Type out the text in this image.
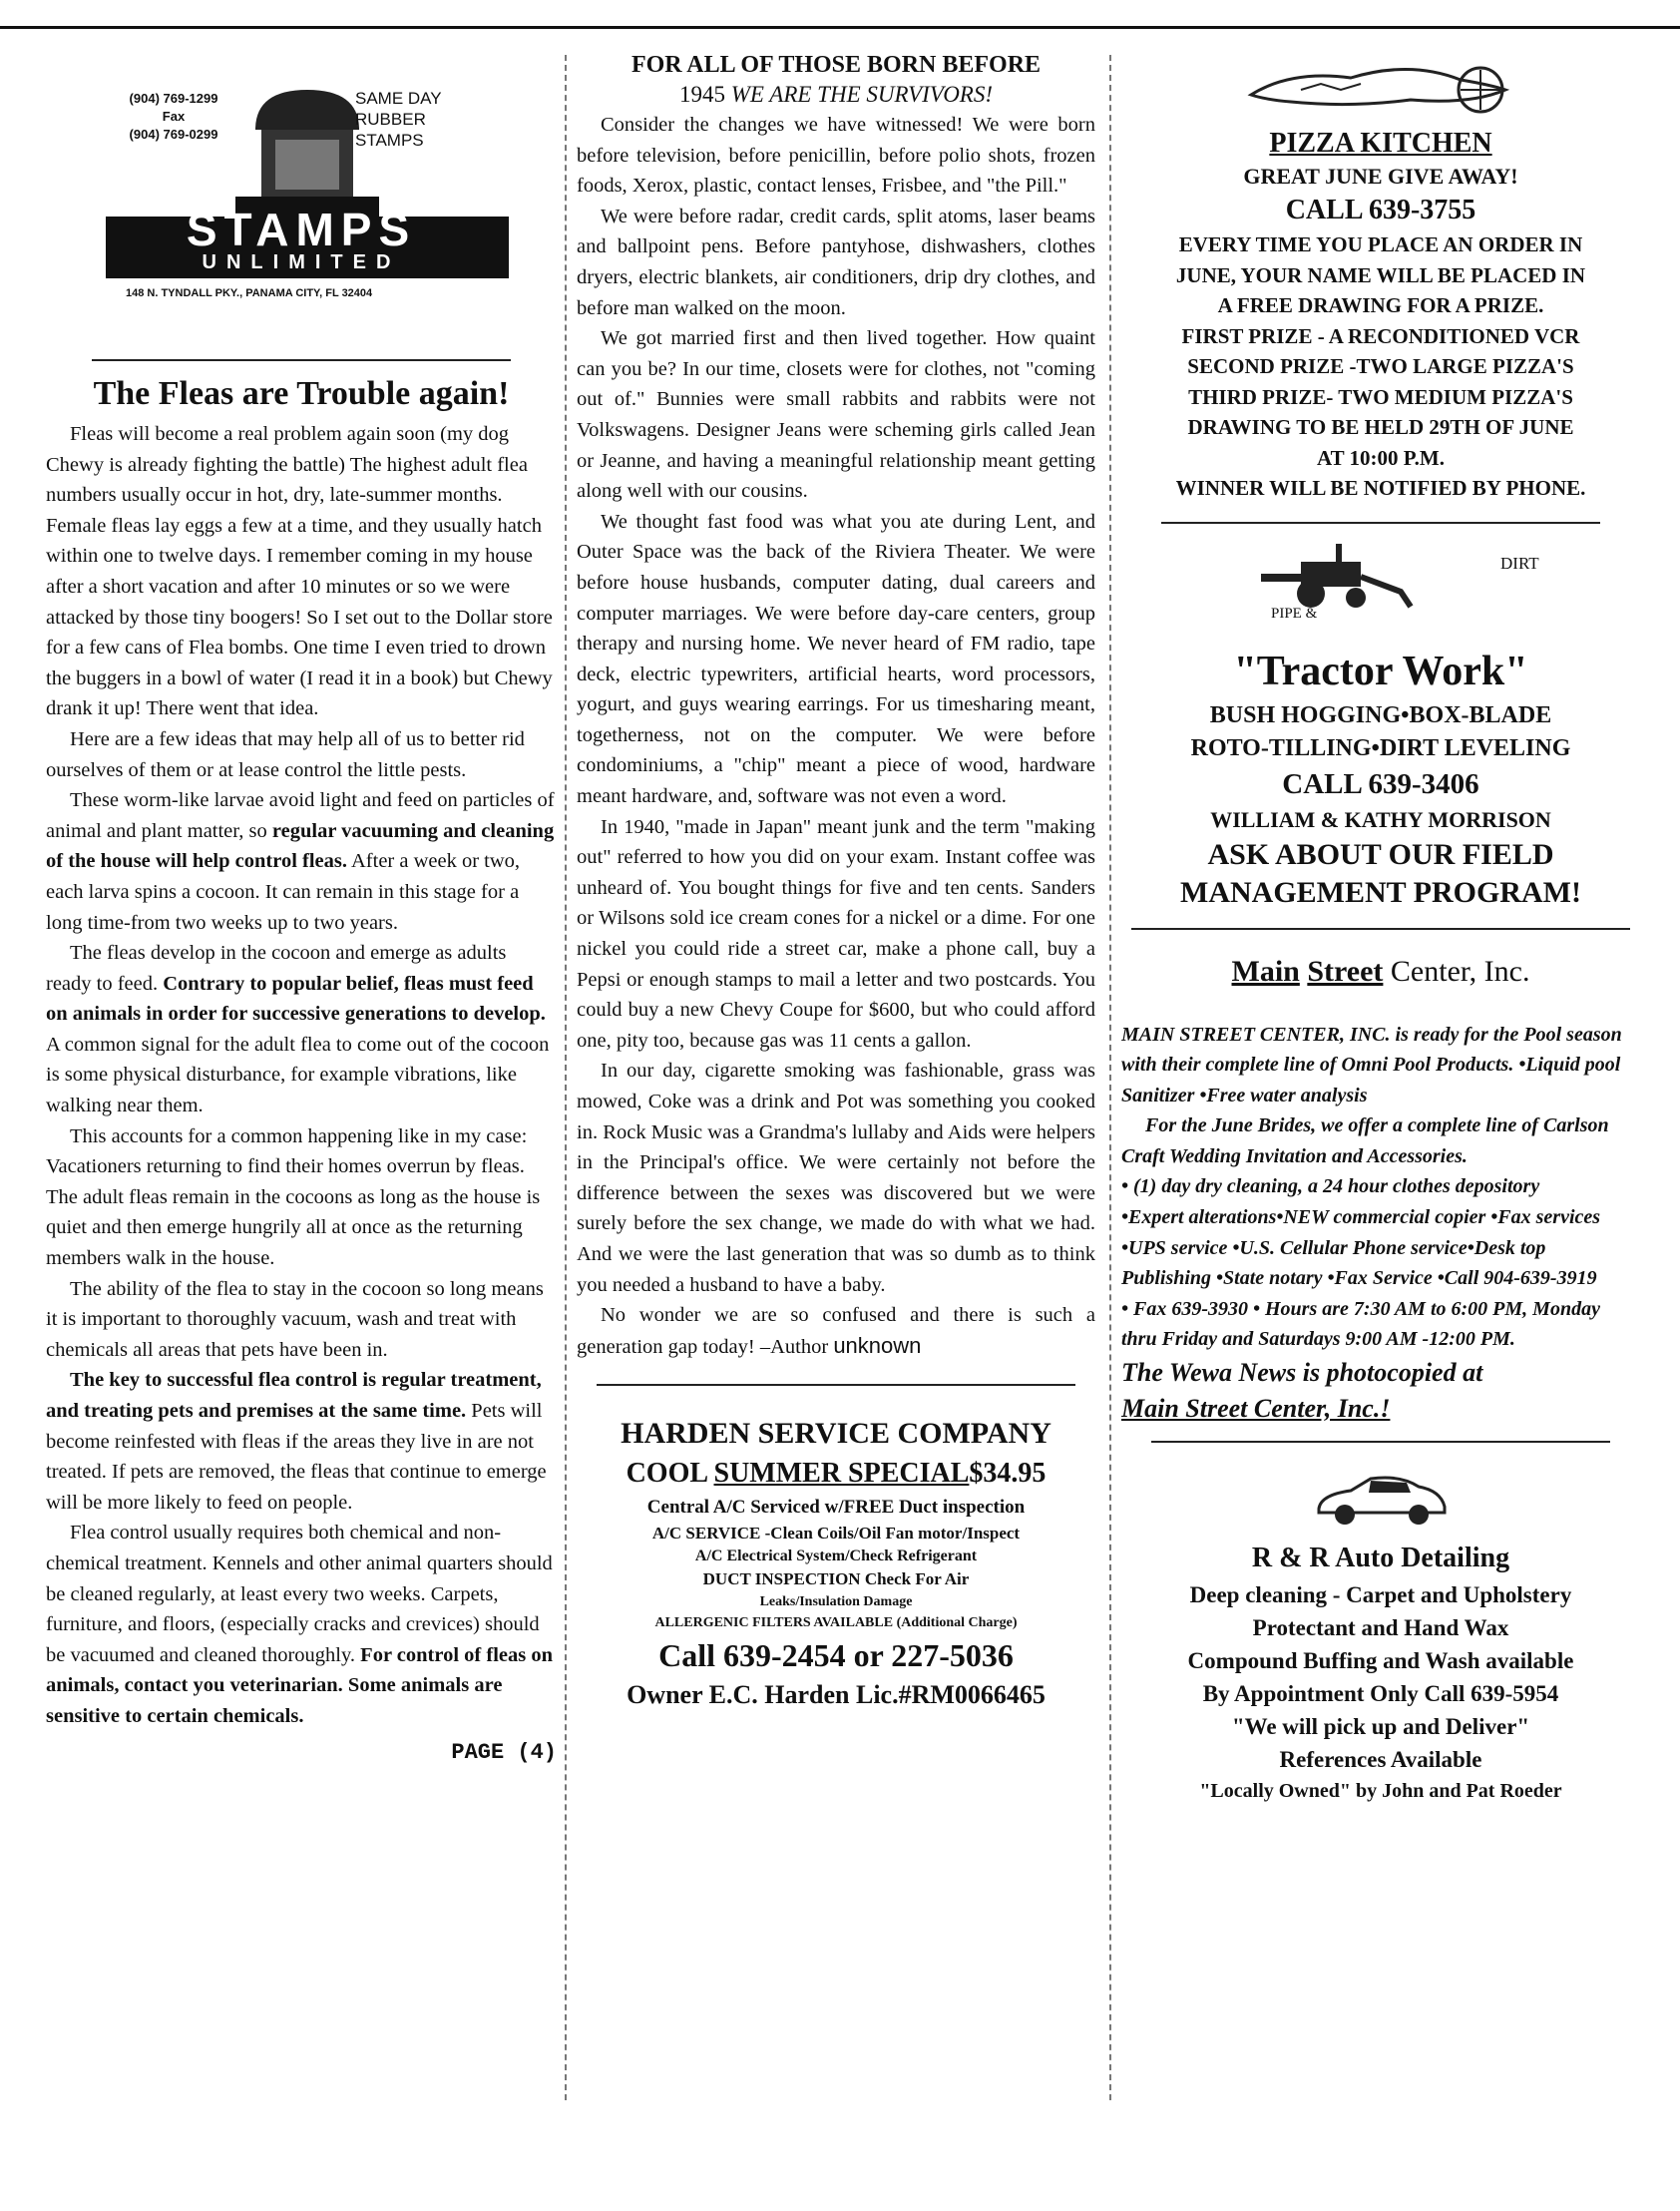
(904) 769-1299
Fax
(904) 769-0299
SAME DAY
RUBBER
STAMPS
STAMPS
UNLIMITED
148 N. TYNDALL PKY., PANAMA CITY, FL 32404
The Fleas are Trouble again!

Fleas will become a real problem again soon (my dog Chewy is already fighting the battle) The highest adult flea numbers usually occur in hot, dry, late-summer months. Female fleas lay eggs a few at a time, and they usually hatch within one to twelve days. I remember coming in my house after a short vacation and after 10 minutes or so we were attacked by those tiny boogers! So I set out to the Dollar store for a few cans of Flea bombs. One time I even tried to drown the buggers in a bowl of water (I read it in a book) but Chewy drank it up! There went that idea.

Here are a few ideas that may help all of us to better rid ourselves of them or at lease control the little pests.

These worm-like larvae avoid light and feed on particles of animal and plant matter, so regular vacuuming and cleaning of the house will help control fleas. After a week or two, each larva spins a cocoon. It can remain in this stage for a long time-from two weeks up to two years.

The fleas develop in the cocoon and emerge as adults ready to feed. Contrary to popular belief, fleas must feed on animals in order for successive generations to develop. A common signal for the adult flea to come out of the cocoon is some physical disturbance, for example vibrations, like walking near them.

This accounts for a common happening like in my case: Vacationers returning to find their homes overrun by fleas. The adult fleas remain in the cocoons as long as the house is quiet and then emerge hungrily all at once as the returning members walk in the house.

The ability of the flea to stay in the cocoon so long means it is important to thoroughly vacuum, wash and treat with chemicals all areas that pets have been in.

The key to successful flea control is regular treatment, and treating pets and premises at the same time. Pets will become reinfested with fleas if the areas they live in are not treated. If pets are removed, the fleas that continue to emerge will be more likely to feed on people.

Flea control usually requires both chemical and non-chemical treatment. Kennels and other animal quarters should be cleaned regularly, at least every two weeks. Carpets, furniture, and floors, (especially cracks and crevices) should be vacuumed and cleaned thoroughly. For control of fleas on animals, contact you veterinarian. Some animals are sensitive to certain chemicals.

PAGE (4)
FOR ALL OF THOSE BORN BEFORE
1945 WE ARE THE SURVIVORS!

Consider the changes we have witnessed! We were born before television, before penicillin, before polio shots, frozen foods, Xerox, plastic, contact lenses, Frisbee, and "the Pill."

We were before radar, credit cards, split atoms, laser beams and ballpoint pens. Before pantyhose, dishwashers, clothes dryers, electric blankets, air conditioners, drip dry clothes, and before man walked on the moon.

We got married first and then lived together. How quaint can you be? In our time, closets were for clothes, not "coming out of." Bunnies were small rabbits and rabbits were not Volkswagens. Designer Jeans were scheming girls called Jean or Jeanne, and having a meaningful relationship meant getting along well with our cousins.

We thought fast food was what you ate during Lent, and Outer Space was the back of the Riviera Theater. We were before house husbands, computer dating, dual careers and computer marriages. We were before day-care centers, group therapy and nursing home. We never heard of FM radio, tape deck, electric typewriters, artificial hearts, word processors, yogurt, and guys wearing earrings. For us timesharing meant, togetherness, not on the computer. We were before condominiums, a "chip" meant a piece of wood, hardware meant hardware, and, software was not even a word.

In 1940, "made in Japan" meant junk and the term "making out" referred to how you did on your exam. Instant coffee was unheard of. You bought things for five and ten cents. Sanders or Wilsons sold ice cream cones for a nickel or a dime. For one nickel you could ride a street car, make a phone call, buy a Pepsi or enough stamps to mail a letter and two postcards. You could buy a new Chevy Coupe for $600, but who could afford one, pity too, because gas was 11 cents a gallon.

In our day, cigarette smoking was fashionable, grass was mowed, Coke was a drink and Pot was something you cooked in. Rock Music was a Grandma's lullaby and Aids were helpers in the Principal's office. We were certainly not before the difference between the sexes was discovered but we were surely before the sex change, we made do with what we had. And we were the last generation that was so dumb as to think you needed a husband to have a baby.

No wonder we are so confused and there is such a generation gap today! –Author unknown

HARDEN SERVICE COMPANY
COOL SUMMER SPECIAL$34.95
Central A/C Serviced w/FREE Duct inspection
A/C SERVICE -Clean Coils/Oil Fan motor/Inspect
A/C Electrical System/Check Refrigerant
DUCT INSPECTION Check For Air
Leaks/Insulation Damage
ALLERGENIC FILTERS AVAILABLE (Additional Charge)
Call 639-2454 or 227-5036
Owner E.C. Harden Lic.#RM0066465
PIZZA KITCHEN
GREAT JUNE GIVE AWAY!
CALL 639-3755
EVERY TIME YOU PLACE AN ORDER IN
JUNE, YOUR NAME WILL BE PLACED IN
A FREE DRAWING FOR A PRIZE.
FIRST PRIZE - A RECONDITIONED VCR
SECOND PRIZE -TWO LARGE PIZZA'S
THIRD PRIZE- TWO MEDIUM PIZZA'S
DRAWING TO BE HELD 29TH OF JUNE
AT 10:00 P.M.
WINNER WILL BE NOTIFIED BY PHONE.
DIRT
PIPE &
"Tractor Work"
BUSH HOGGING•BOX-BLADE
ROTO-TILLING•DIRT LEVELING
CALL 639-3406
WILLIAM & KATHY MORRISON
ASK ABOUT OUR FIELD
MANAGEMENT PROGRAM!
Main Street Center, Inc.

MAIN STREET CENTER, INC. is ready for the Pool season with their complete line of Omni Pool Products. •Liquid pool Sanitizer •Free water analysis

For the June Brides, we offer a complete line of Carlson Craft Wedding Invitation and Accessories.

• (1) day dry cleaning, a 24 hour clothes depository

•Expert alterations•NEW commercial copier •Fax services •UPS service •U.S. Cellular Phone service•Desk top Publishing •State notary •Fax Service •Call 904-639-3919

• Fax 639-3930 • Hours are 7:30 AM to 6:00 PM, Monday thru Friday and Saturdays 9:00 AM -12:00 PM.

The Wewa News is photocopied at
Main Street Center, Inc.!
R & R Auto Detailing
Deep cleaning - Carpet and Upholstery
Protectant and Hand Wax
Compound Buffing and Wash available
By Appointment Only Call 639-5954
"We will pick up and Deliver"
References Available
"Locally Owned" by John and Pat Roeder
